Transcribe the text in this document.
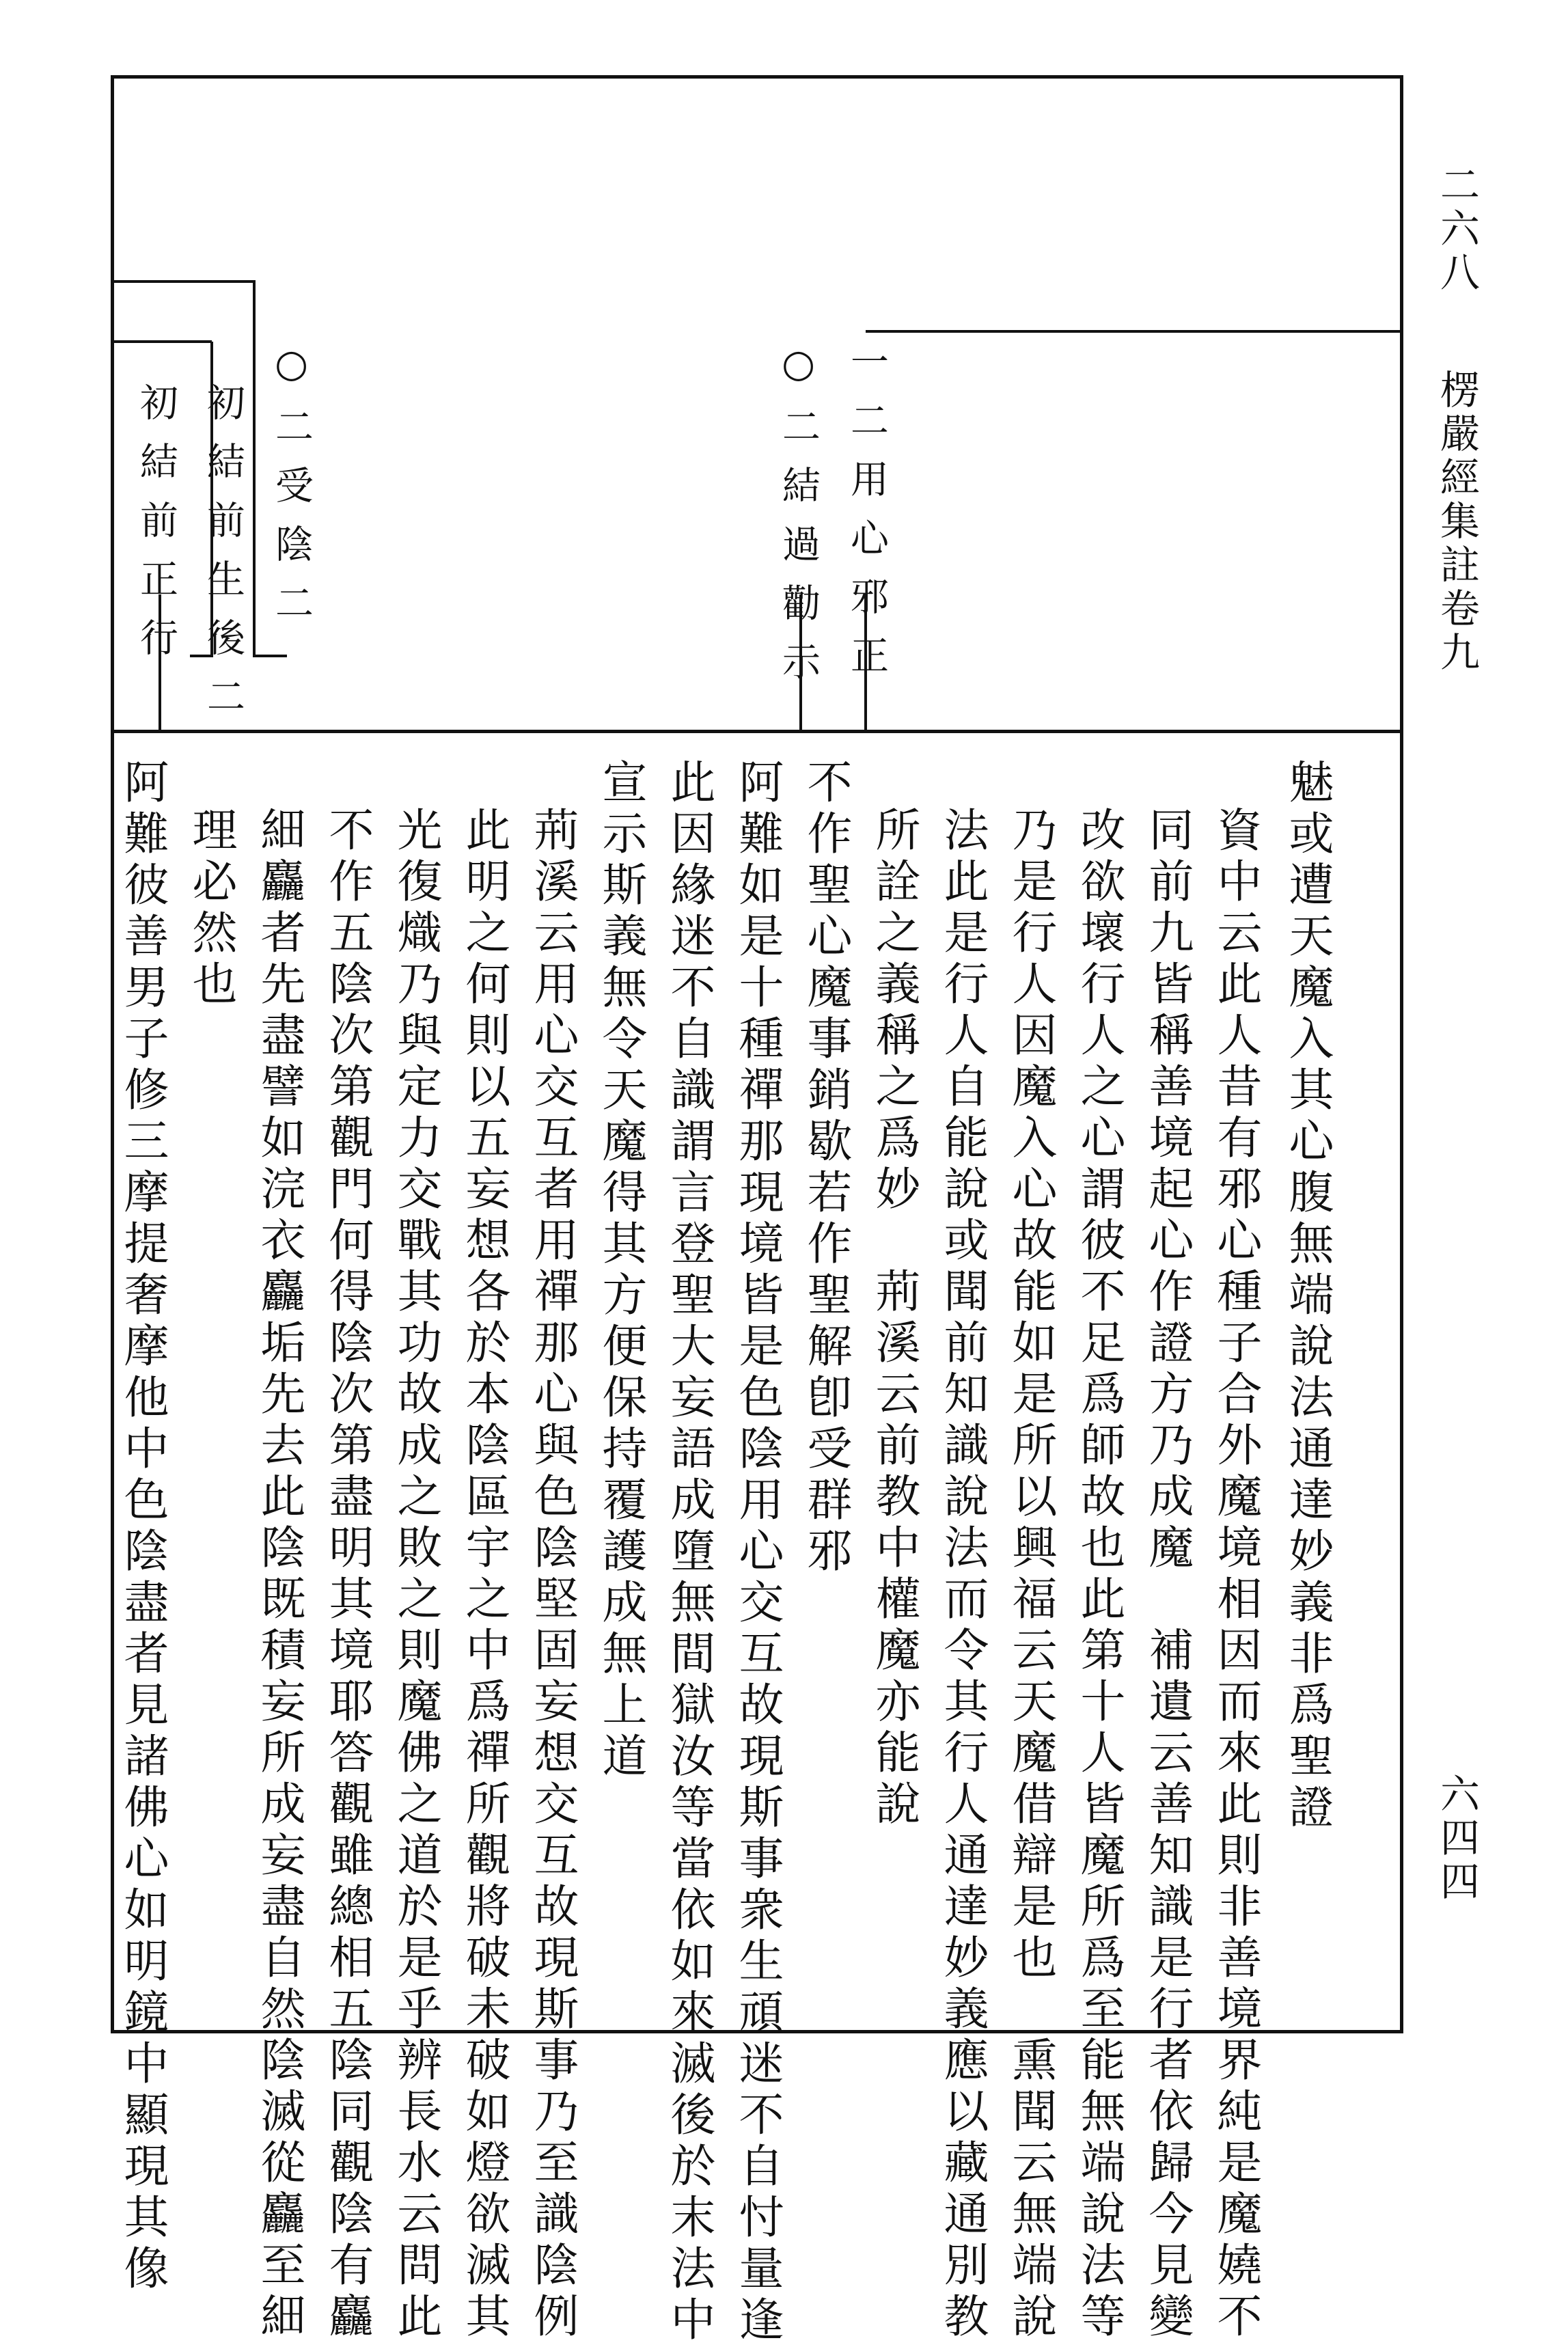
二六八
楞嚴經集註卷九
六四四
一二用心邪正
○二結過勸示
○二受陰二
初結前生後二
初結前正行
魅或遭天魔入其心腹無端說法通達妙義非爲聖證
資中云此人昔有邪心種子合外魔境相因而來此則非善境界純是魔嬈不
同前九皆稱善境起心作證方乃成魔　補遺云善知識是行者依歸今見變
改欲壞行人之心謂彼不足爲師故也此第十人皆魔所爲至能無端說法等
乃是行人因魔入心故能如是所以興福云天魔借辯是也　熏聞云無端說
法此是行人自能說或聞前知識說法而令其行人通達妙義應以藏通別教
所詮之義稱之爲妙　荊溪云前教中權魔亦能說
不作聖心魔事銷歇若作聖解卽受群邪
阿難如是十種禪那現境皆是色陰用心交互故現斯事衆生頑迷不自忖量逢
此因緣迷不自識謂言登聖大妄語成墮無間獄汝等當依如來滅後於末法中
宣示斯義無令天魔得其方便保持覆護成無上道
荊溪云用心交互者用禪那心與色陰堅固妄想交互故現斯事乃至識陰例
此明之何則以五妄想各於本陰區宇之中爲禪所觀將破未破如燈欲滅其
光復熾乃與定力交戰其功故成之敗之則魔佛之道於是乎辨長水云問此
不作五陰次第觀門何得陰次第盡明其境耶答觀雖總相五陰同觀陰有麤
細麤者先盡譬如浣衣麤垢先去此陰既積妄所成妄盡自然陰滅從麤至細
理必然也
阿難彼善男子修三摩提奢摩他中色陰盡者見諸佛心如明鏡中顯現其像
